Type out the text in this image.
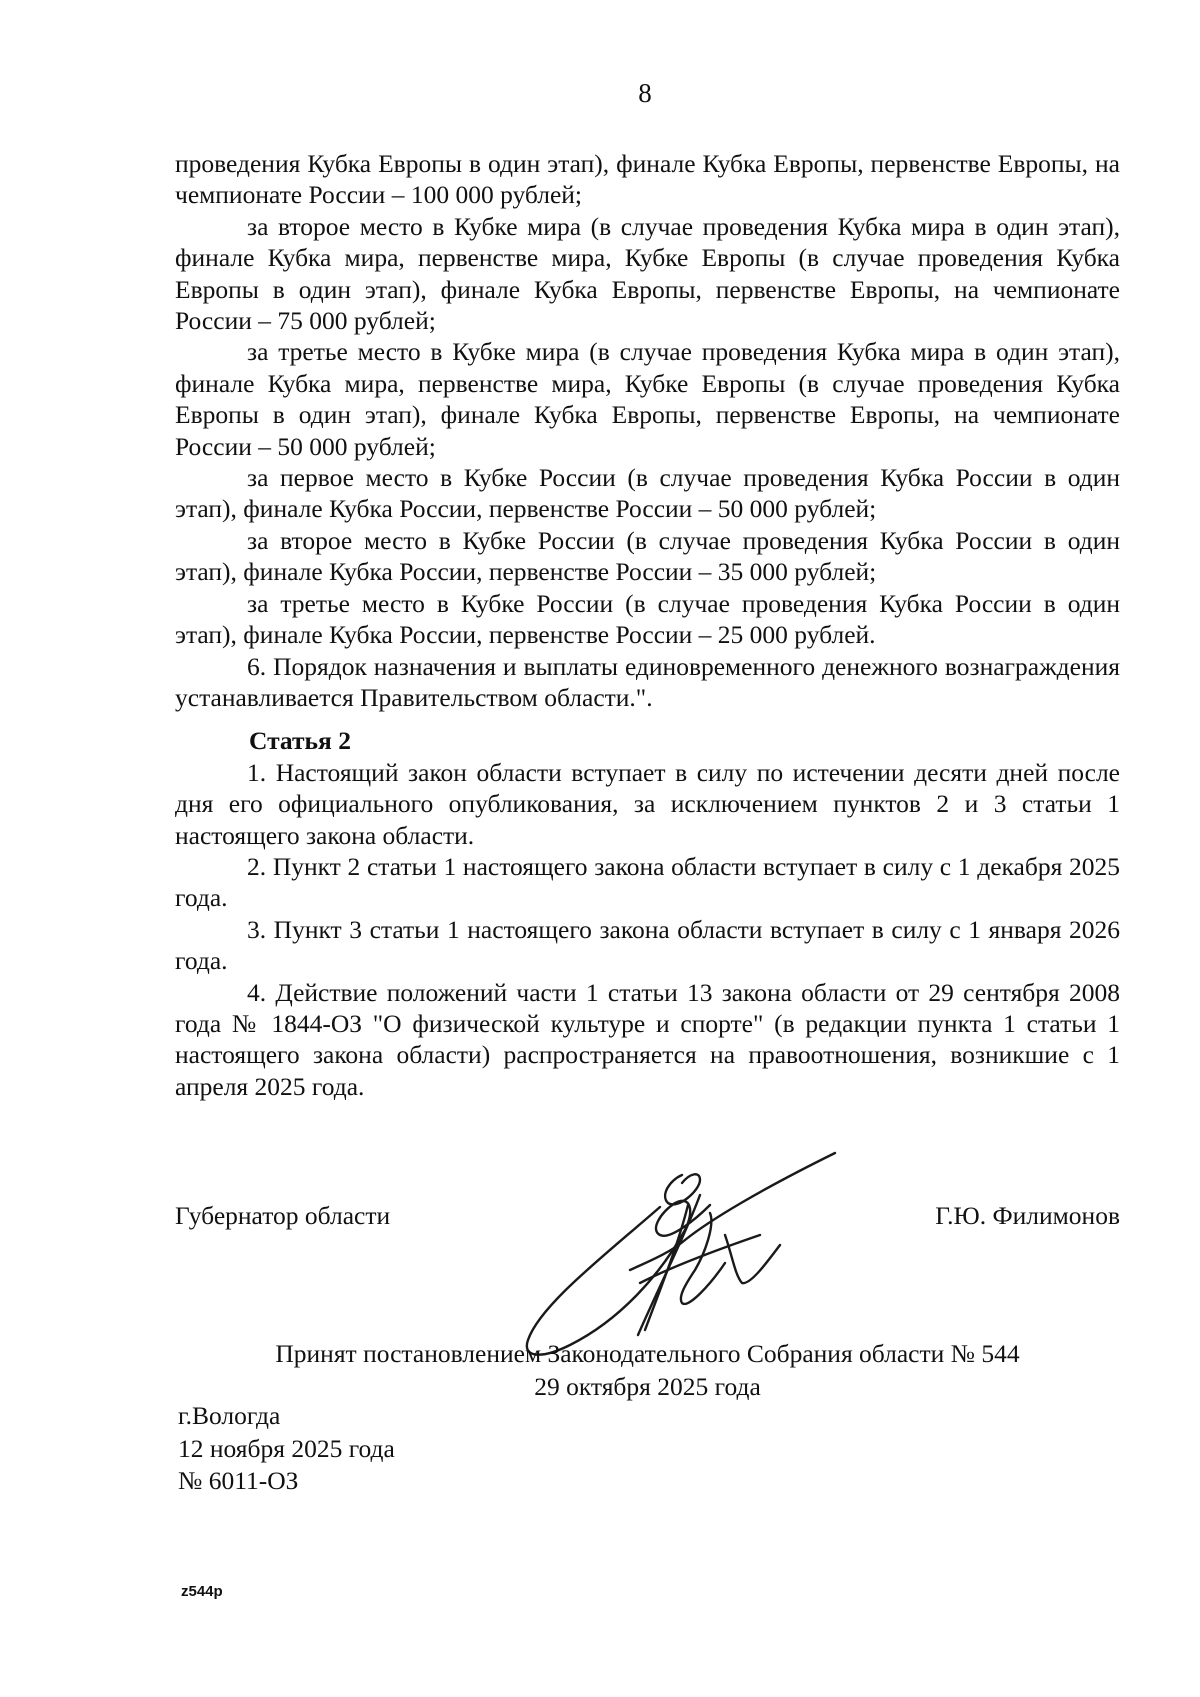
8

проведения Кубка Европы в один этап), финале Кубка Европы, первенстве Европы, на чемпионате России – 100 000 рублей;

за второе место в Кубке мира (в случае проведения Кубка мира в один этап), финале Кубка мира, первенстве мира, Кубке Европы (в случае проведения Кубка Европы в один этап), финале Кубка Европы, первенстве Европы, на чемпионате России – 75 000 рублей;

за третье место в Кубке мира (в случае проведения Кубка мира в один этап), финале Кубка мира, первенстве мира, Кубке Европы (в случае проведения Кубка Европы в один этап), финале Кубка Европы, первенстве Европы, на чемпионате России – 50 000 рублей;

за первое место в Кубке России (в случае проведения Кубка России в один этап), финале Кубка России, первенстве России – 50 000 рублей;

за второе место в Кубке России (в случае проведения Кубка России в один этап), финале Кубка России, первенстве России – 35 000 рублей;

за третье место в Кубке России (в случае проведения Кубка России в один этап), финале Кубка России, первенстве России – 25 000 рублей.

6. Порядок назначения и выплаты единовременного денежного вознаграждения устанавливается Правительством области.".

Статья 2

1. Настоящий закон области вступает в силу по истечении десяти дней после дня его официального опубликования, за исключением пунктов 2 и 3 статьи 1 настоящего закона области.

2. Пункт 2 статьи 1 настоящего закона области вступает в силу с 1 декабря 2025 года.

3. Пункт 3 статьи 1 настоящего закона области вступает в силу с 1 января 2026 года.

4. Действие положений части 1 статьи 13 закона области от 29 сентября 2008 года № 1844-ОЗ "О физической культуре и спорте" (в редакции пункта 1 статьи 1 настоящего закона области) распространяется на правоотношения, возникшие с 1 апреля 2025 года.

Губернатор области	Г.Ю. Филимонов
Принят постановлением Законодательного Собрания области № 544
29 октября 2025 года
г.Вологда
12 ноября 2025 года
№ 6011-ОЗ
z544p
